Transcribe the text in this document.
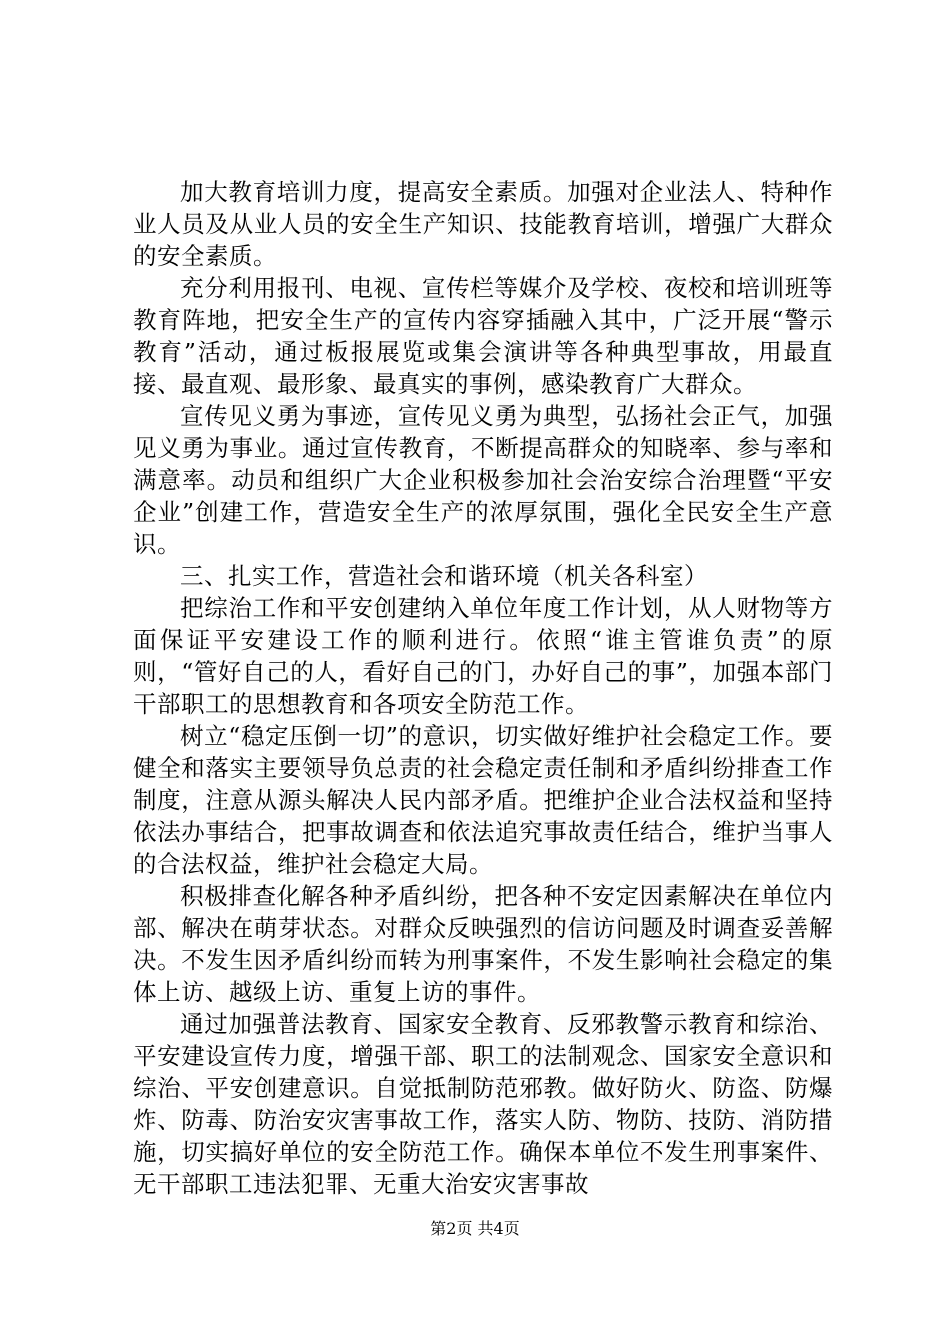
加大教育培训力度，提高安全素质。加强对企业法人、特种作业人员及从业人员的安全生产知识、技能教育培训，增强广大群众的安全素质。

充分利用报刊、电视、宣传栏等媒介及学校、夜校和培训班等教育阵地，把安全生产的宣传内容穿插融入其中，广泛开展“警示教育”活动，通过板报展览或集会演讲等各种典型事故，用最直接、最直观、最形象、最真实的事例，感染教育广大群众。

宣传见义勇为事迹，宣传见义勇为典型，弘扬社会正气，加强见义勇为事业。通过宣传教育，不断提高群众的知晓率、参与率和满意率。动员和组织广大企业积极参加社会治安综合治理暨“平安企业”创建工作，营造安全生产的浓厚氛围，强化全民安全生产意识。

三、扎实工作，营造社会和谐环境（机关各科室）

把综治工作和平安创建纳入单位年度工作计划，从人财物等方面保证平安建设工作的顺利进行。依照“谁主管谁负责”的原则，“管好自己的人，看好自己的门，办好自己的事”，加强本部门干部职工的思想教育和各项安全防范工作。

树立“稳定压倒一切”的意识，切实做好维护社会稳定工作。要健全和落实主要领导负总责的社会稳定责任制和矛盾纠纷排查工作制度，注意从源头解决人民内部矛盾。把维护企业合法权益和坚持依法办事结合，把事故调查和依法追究事故责任结合，维护当事人的合法权益，维护社会稳定大局。

积极排查化解各种矛盾纠纷，把各种不安定因素解决在单位内部、解决在萌芽状态。对群众反映强烈的信访问题及时调查妥善解决。不发生因矛盾纠纷而转为刑事案件，不发生影响社会稳定的集体上访、越级上访、重复上访的事件。

通过加强普法教育、国家安全教育、反邪教警示教育和综治、平安建设宣传力度，增强干部、职工的法制观念、国家安全意识和综治、平安创建意识。自觉抵制防范邪教。做好防火、防盗、防爆炸、防毒、防治安灾害事故工作，落实人防、物防、技防、消防措施，切实搞好单位的安全防范工作。确保本单位不发生刑事案件、无干部职工违法犯罪、无重大治安灾害事故

第2页 共4页
